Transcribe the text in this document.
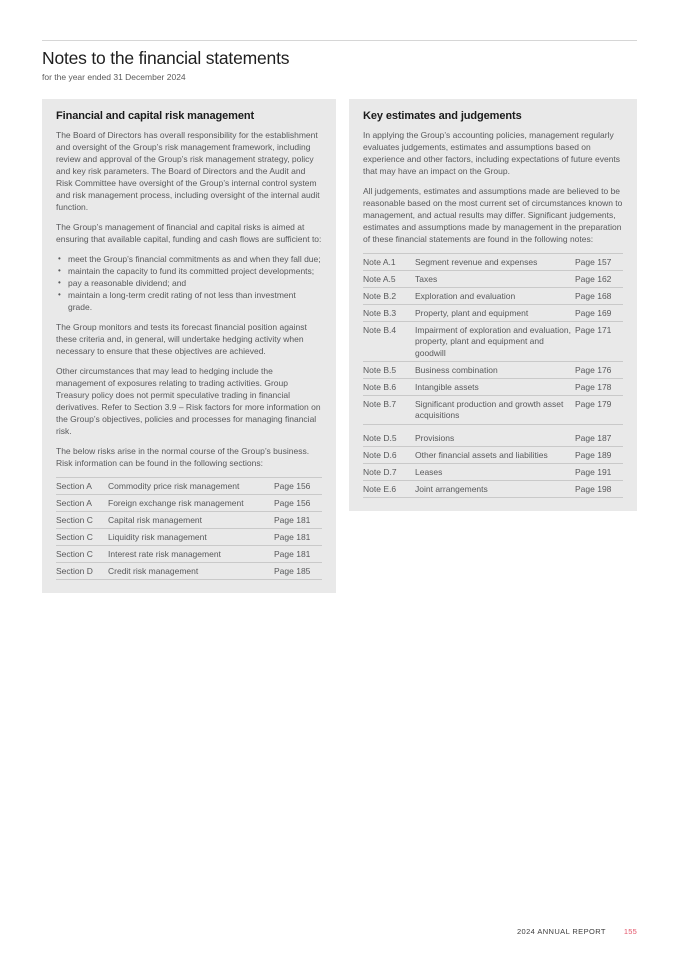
Notes to the financial statements
for the year ended 31 December 2024
Financial and capital risk management

The Board of Directors has overall responsibility for the establishment and oversight of the Group’s risk management framework, including review and approval of the Group’s risk management strategy, policy and key risk parameters. The Board of Directors and the Audit and Risk Committee have oversight of the Group’s internal control system and risk management process, including oversight of the internal audit function.

The Group’s management of financial and capital risks is aimed at ensuring that available capital, funding and cash flows are sufficient to:

• meet the Group’s financial commitments as and when they fall due;
• maintain the capacity to fund its committed project developments;
• pay a reasonable dividend; and
• maintain a long-term credit rating of not less than investment grade.

The Group monitors and tests its forecast financial position against these criteria and, in general, will undertake hedging activity when necessary to ensure that these objectives are achieved.

Other circumstances that may lead to hedging include the management of exposures relating to trading activities. Group Treasury policy does not permit speculative trading in financial derivatives. Refer to Section 3.9 – Risk factors for more information on the Group’s objectives, policies and processes for managing financial risk.

The below risks arise in the normal course of the Group’s business. Risk information can be found in the following sections:

Section A	Commodity price risk management	Page 156
Section A	Foreign exchange risk management	Page 156
Section C	Capital risk management	Page 181
Section C	Liquidity risk management	Page 181
Section C	Interest rate risk management	Page 181
Section D	Credit risk management	Page 185
Key estimates and judgements

In applying the Group’s accounting policies, management regularly evaluates judgements, estimates and assumptions based on experience and other factors, including expectations of future events that may have an impact on the Group.

All judgements, estimates and assumptions made are believed to be reasonable based on the most current set of circumstances known to management, and actual results may differ. Significant judgements, estimates and assumptions made by management in the preparation of these financial statements are found in the following notes:

Note A.1	Segment revenue and expenses	Page 157
Note A.5	Taxes	Page 162
Note B.2	Exploration and evaluation	Page 168
Note B.3	Property, plant and equipment	Page 169
Note B.4	Impairment of exploration and evaluation, property, plant and equipment and goodwill	Page 171
Note B.5	Business combination	Page 176
Note B.6	Intangible assets	Page 178
Note B.7	Significant production and growth asset acquisitions	Page 179
Note D.5	Provisions	Page 187
Note D.6	Other financial assets and liabilities	Page 189
Note D.7	Leases	Page 191
Note E.6	Joint arrangements	Page 198
2024 ANNUAL REPORT 155
